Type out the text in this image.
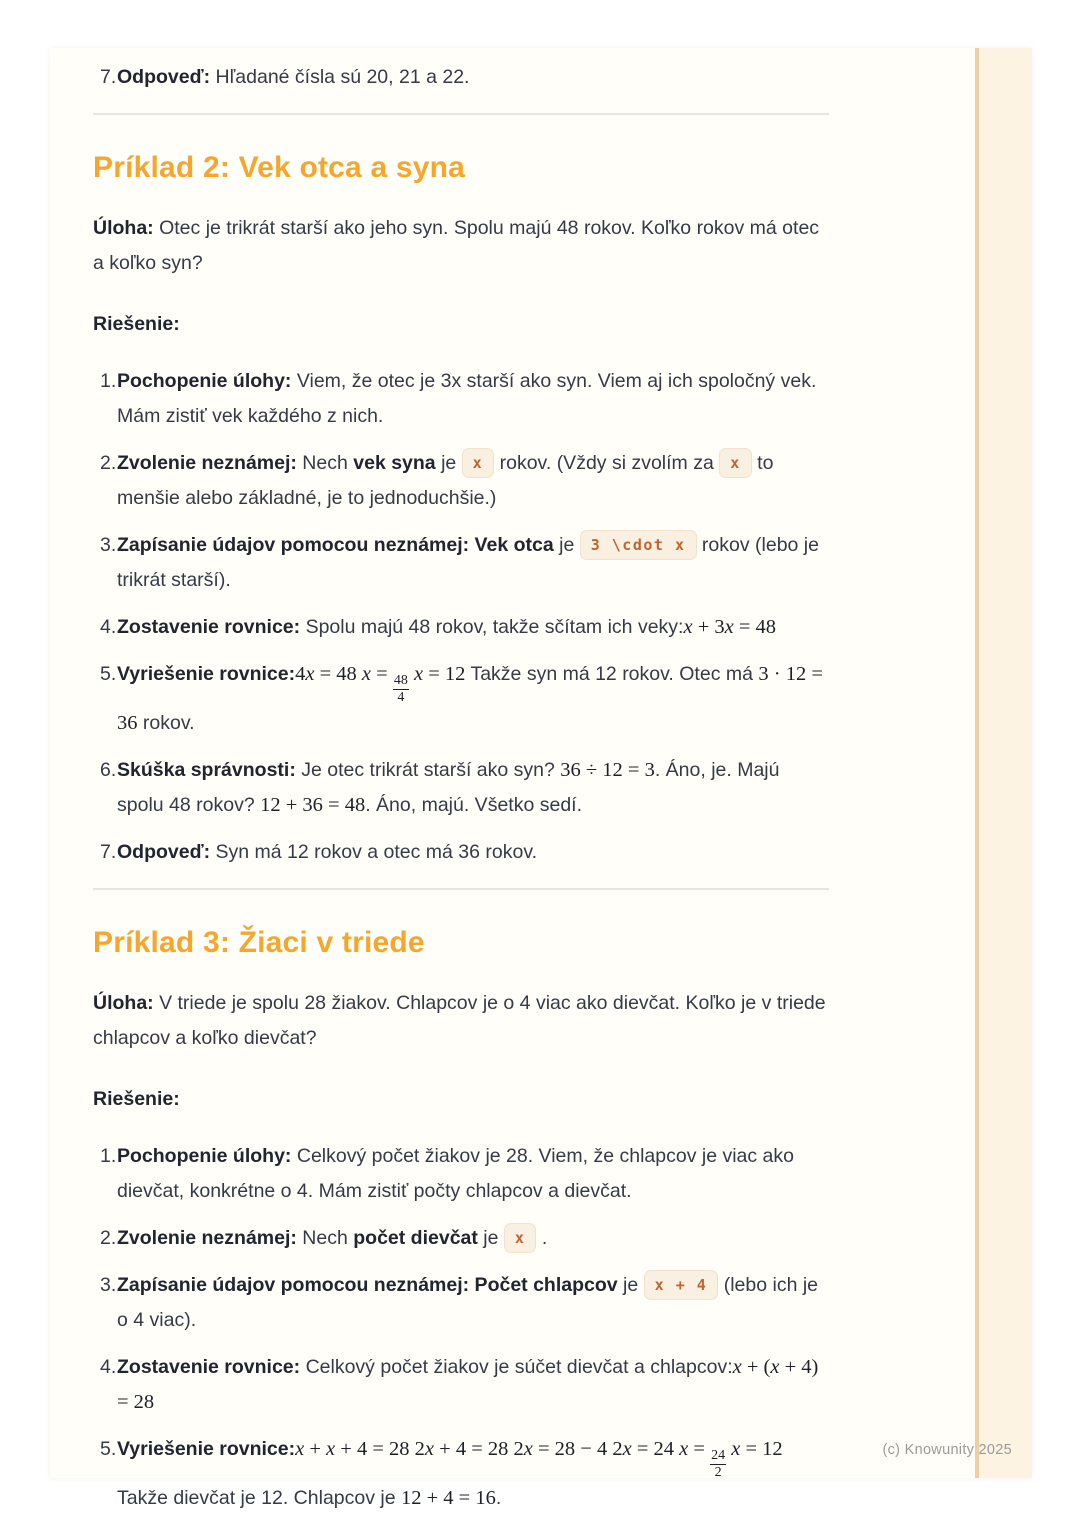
7. Odpoveď: Hľadané čísla sú 20, 21 a 22.
Príklad 2: Vek otca a syna

Úloha: Otec je trikrát starší ako jeho syn. Spolu majú 48 rokov. Koľko rokov má otec a koľko syn?

Riešenie:

1. Pochopenie úlohy: Viem, že otec je 3x starší ako syn. Viem aj ich spoločný vek. Mám zistiť vek každého z nich.
2. Zvolenie neznámej: Nech vek syna je x rokov. (Vždy si zvolím za x to menšie alebo základné, je to jednoduchšie.)
3. Zapísanie údajov pomocou neznámej: Vek otca je 3 \cdot x rokov (lebo je trikrát starší).
4. Zostavenie rovnice: Spolu majú 48 rokov, takže sčítam ich veky:x + 3x = 48
5. Vyriešenie rovnice:4x = 48 $x = \frac{48}{4}$ x = 12 Takže syn má 12 rokov. Otec má 3 · 12 = 36 rokov.
6. Skúška správnosti: Je otec trikrát starší ako syn? 36 ÷ 12 = 3. Áno, je. Majú spolu 48 rokov? 12 + 36 = 48. Áno, majú. Všetko sedí.
7. Odpoveď: Syn má 12 rokov a otec má 36 rokov.
Príklad 3: Žiaci v triede

Úloha: V triede je spolu 28 žiakov. Chlapcov je o 4 viac ako dievčat. Koľko je v triede chlapcov a koľko dievčat?

Riešenie:

1. Pochopenie úlohy: Celkový počet žiakov je 28. Viem, že chlapcov je viac ako dievčat, konkrétne o 4. Mám zistiť počty chlapcov a dievčat.
2. Zvolenie neznámej: Nech počet dievčat je x .
3. Zapísanie údajov pomocou neznámej: Počet chlapcov je x + 4 (lebo ich je o 4 viac).
4. Zostavenie rovnice: Celkový počet žiakov je súčet dievčat a chlapcov:x + (x + 4) = 28
5. Vyriešenie rovnice:x + x + 4 = 28 2x + 4 = 28 2x = 28 − 4 2x = 24 $x = \frac{24}{2}$ x = 12 Takže dievčat je 12. Chlapcov je 12 + 4 = 16.
(c) Knowunity 2025
